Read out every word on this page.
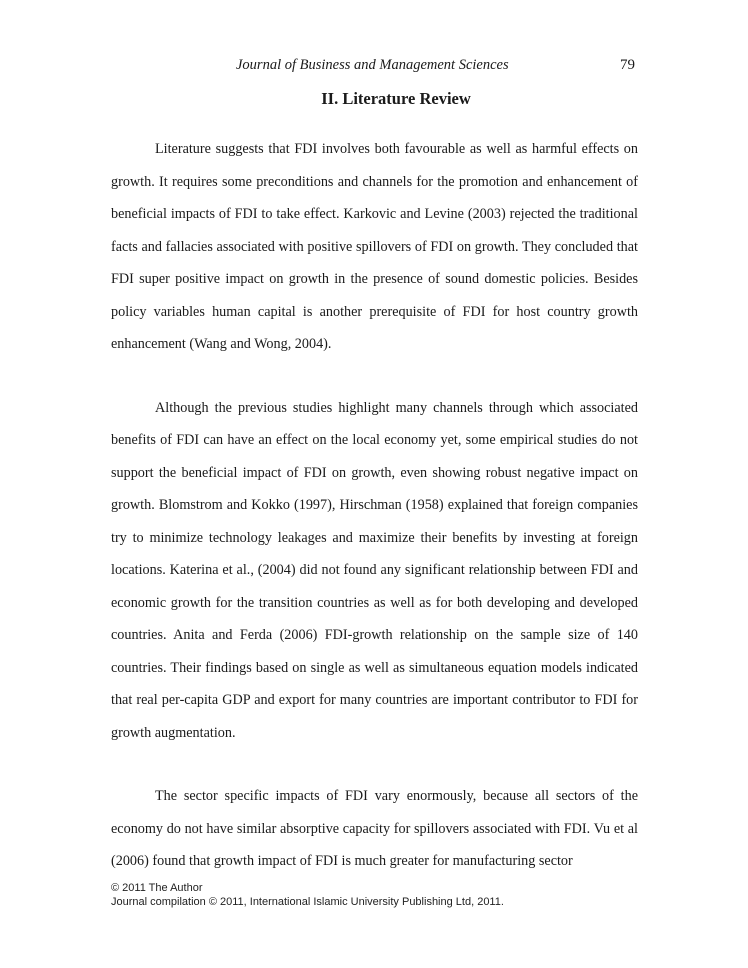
Journal of Business and Management Sciences	79
II. Literature Review

Literature suggests that FDI involves both favourable as well as harmful effects on growth. It requires some preconditions and channels for the promotion and enhancement of beneficial impacts of FDI to take effect. Karkovic and Levine (2003) rejected the traditional facts and fallacies associated with positive spillovers of FDI on growth. They concluded that FDI super positive impact on growth in the presence of sound domestic policies. Besides policy variables human capital is another prerequisite of FDI for host country growth enhancement (Wang and Wong, 2004).

Although the previous studies highlight many channels through which associated benefits of FDI can have an effect on the local economy yet, some empirical studies do not support the beneficial impact of FDI on growth, even showing robust negative impact on growth. Blomstrom and Kokko (1997), Hirschman (1958) explained that foreign companies try to minimize technology leakages and maximize their benefits by investing at foreign locations. Katerina et al., (2004) did not found any significant relationship between FDI and economic growth for the transition countries as well as for both developing and developed countries. Anita and Ferda (2006) FDI-growth relationship on the sample size of 140 countries. Their findings based on single as well as simultaneous equation models indicated that real per-capita GDP and export for many countries are important contributor to FDI for growth augmentation.

The sector specific impacts of FDI vary enormously, because all sectors of the economy do not have similar absorptive capacity for spillovers associated with FDI. Vu et al (2006) found that growth impact of FDI is much greater for manufacturing sector

© 2011 The Author
Journal compilation © 2011, International Islamic University Publishing Ltd, 2011.
